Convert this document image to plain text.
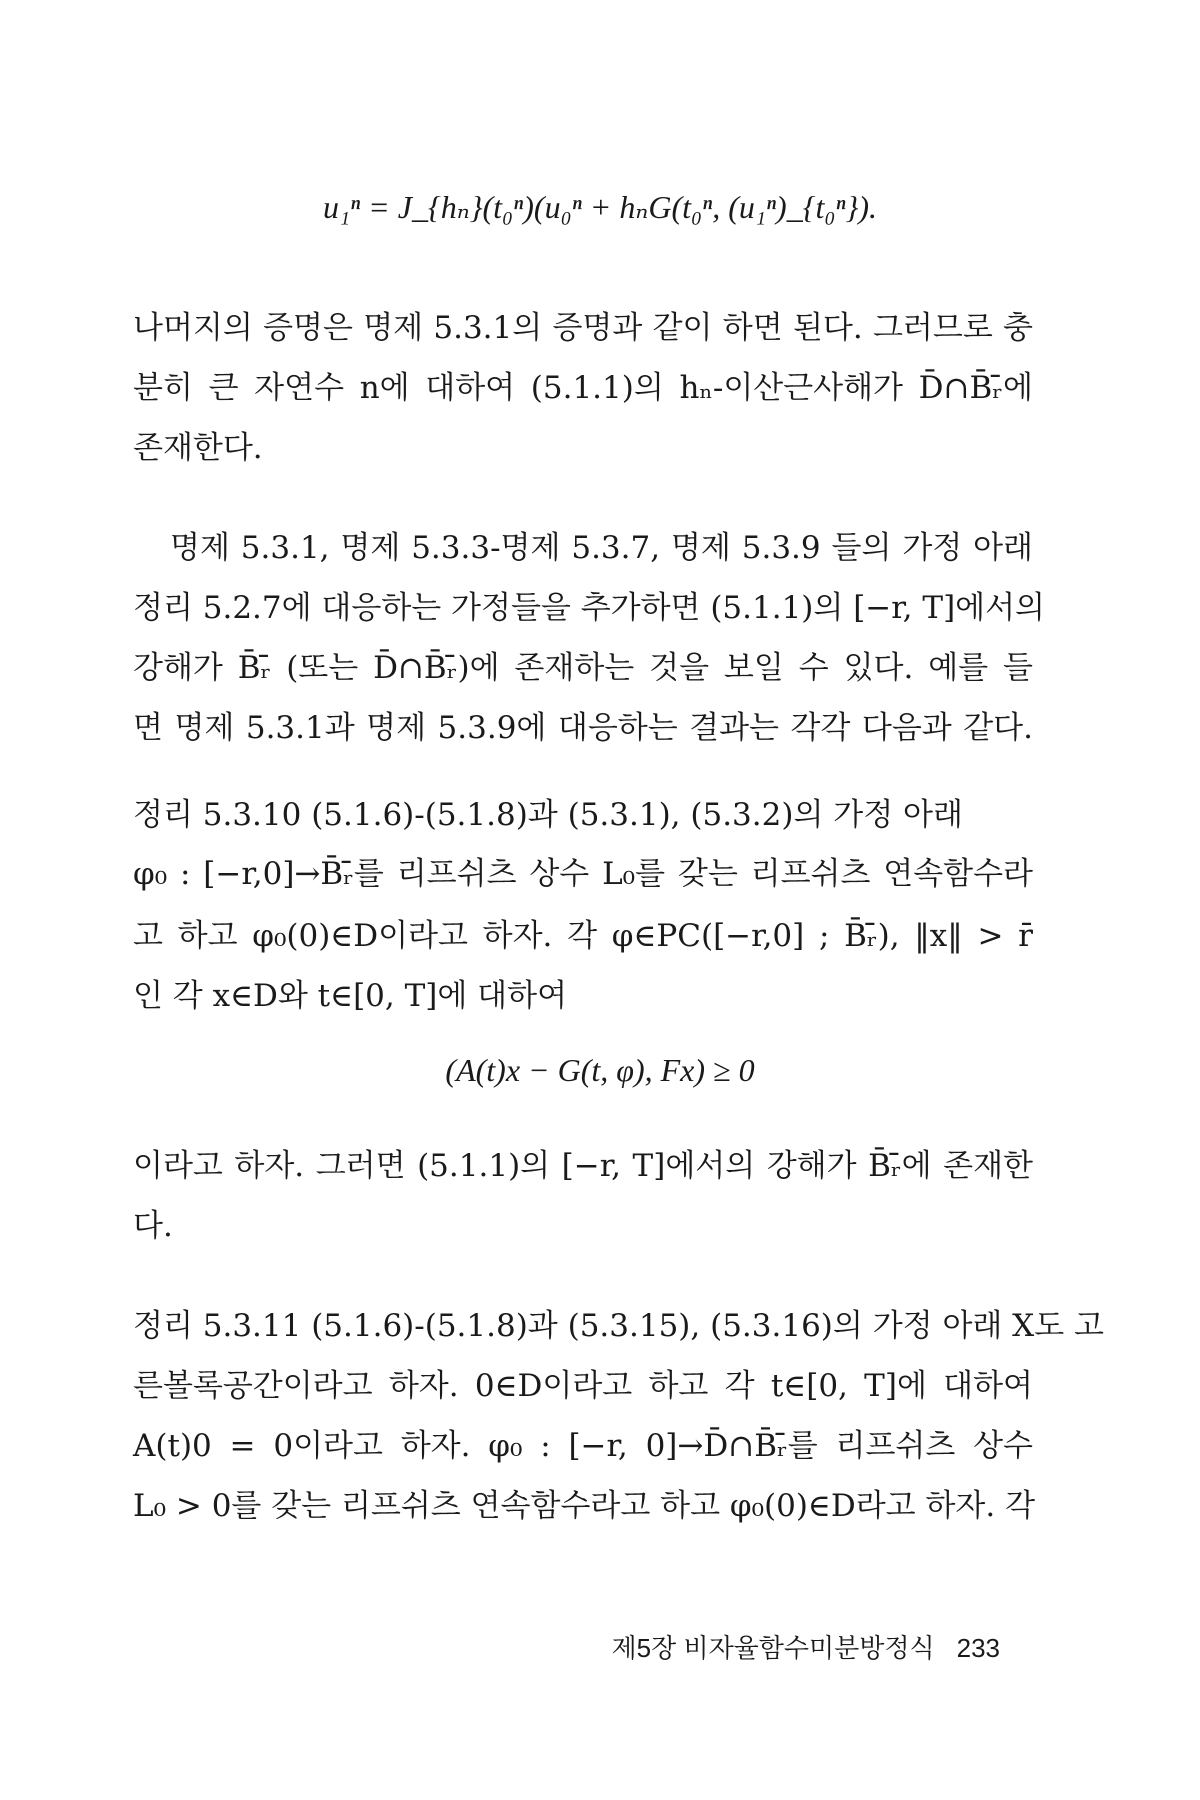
u₁ⁿ = J_{hₙ}(t₀ⁿ)(u₀ⁿ + hₙG(t₀ⁿ, (u₁ⁿ)_{t₀ⁿ}).
나머지의 증명은 명제 5.3.1의 증명과 같이 하면 된다. 그러므로 충
분히 큰 자연수 n에 대하여 (5.1.1)의 hₙ-이산근사해가 D̄∩B̄ᵣ̄에
존재한다.
명제 5.3.1, 명제 5.3.3-명제 5.3.7, 명제 5.3.9 들의 가정 아래
정리 5.2.7에 대응하는 가정들을 추가하면 (5.1.1)의 [−r, T]에서의
강해가 B̄ᵣ̄ (또는 D̄∩B̄ᵣ̄)에 존재하는 것을 보일 수 있다. 예를 들
면 명제 5.3.1과 명제 5.3.9에 대응하는 결과는 각각 다음과 같다.
정리 5.3.10 (5.1.6)-(5.1.8)과 (5.3.1), (5.3.2)의 가정 아래
φ₀ : [−r,0]→B̄ᵣ̄를 리프쉬츠 상수 L₀를 갖는 리프쉬츠 연속함수라
고 하고 φ₀(0)∈D이라고 하자. 각 φ∈PC([−r,0] ; B̄ᵣ̄), ‖x‖ > r̄
인 각 x∈D와 t∈[0, T]에 대하여
(A(t)x − G(t, φ), Fx) ≥ 0
이라고 하자. 그러면 (5.1.1)의 [−r, T]에서의 강해가 B̄ᵣ̄에 존재한
다.
정리 5.3.11 (5.1.6)-(5.1.8)과 (5.3.15), (5.3.16)의 가정 아래 X도 고
른볼록공간이라고 하자. 0∈D이라고 하고 각 t∈[0, T]에 대하여
A(t)0 = 0이라고 하자. φ₀ : [−r, 0]→D̄∩B̄ᵣ̄를 리프쉬츠 상수
L₀ > 0를 갖는 리프쉬츠 연속함수라고 하고 φ₀(0)∈D라고 하자. 각
제5장 비자율함수미분방정식 233
